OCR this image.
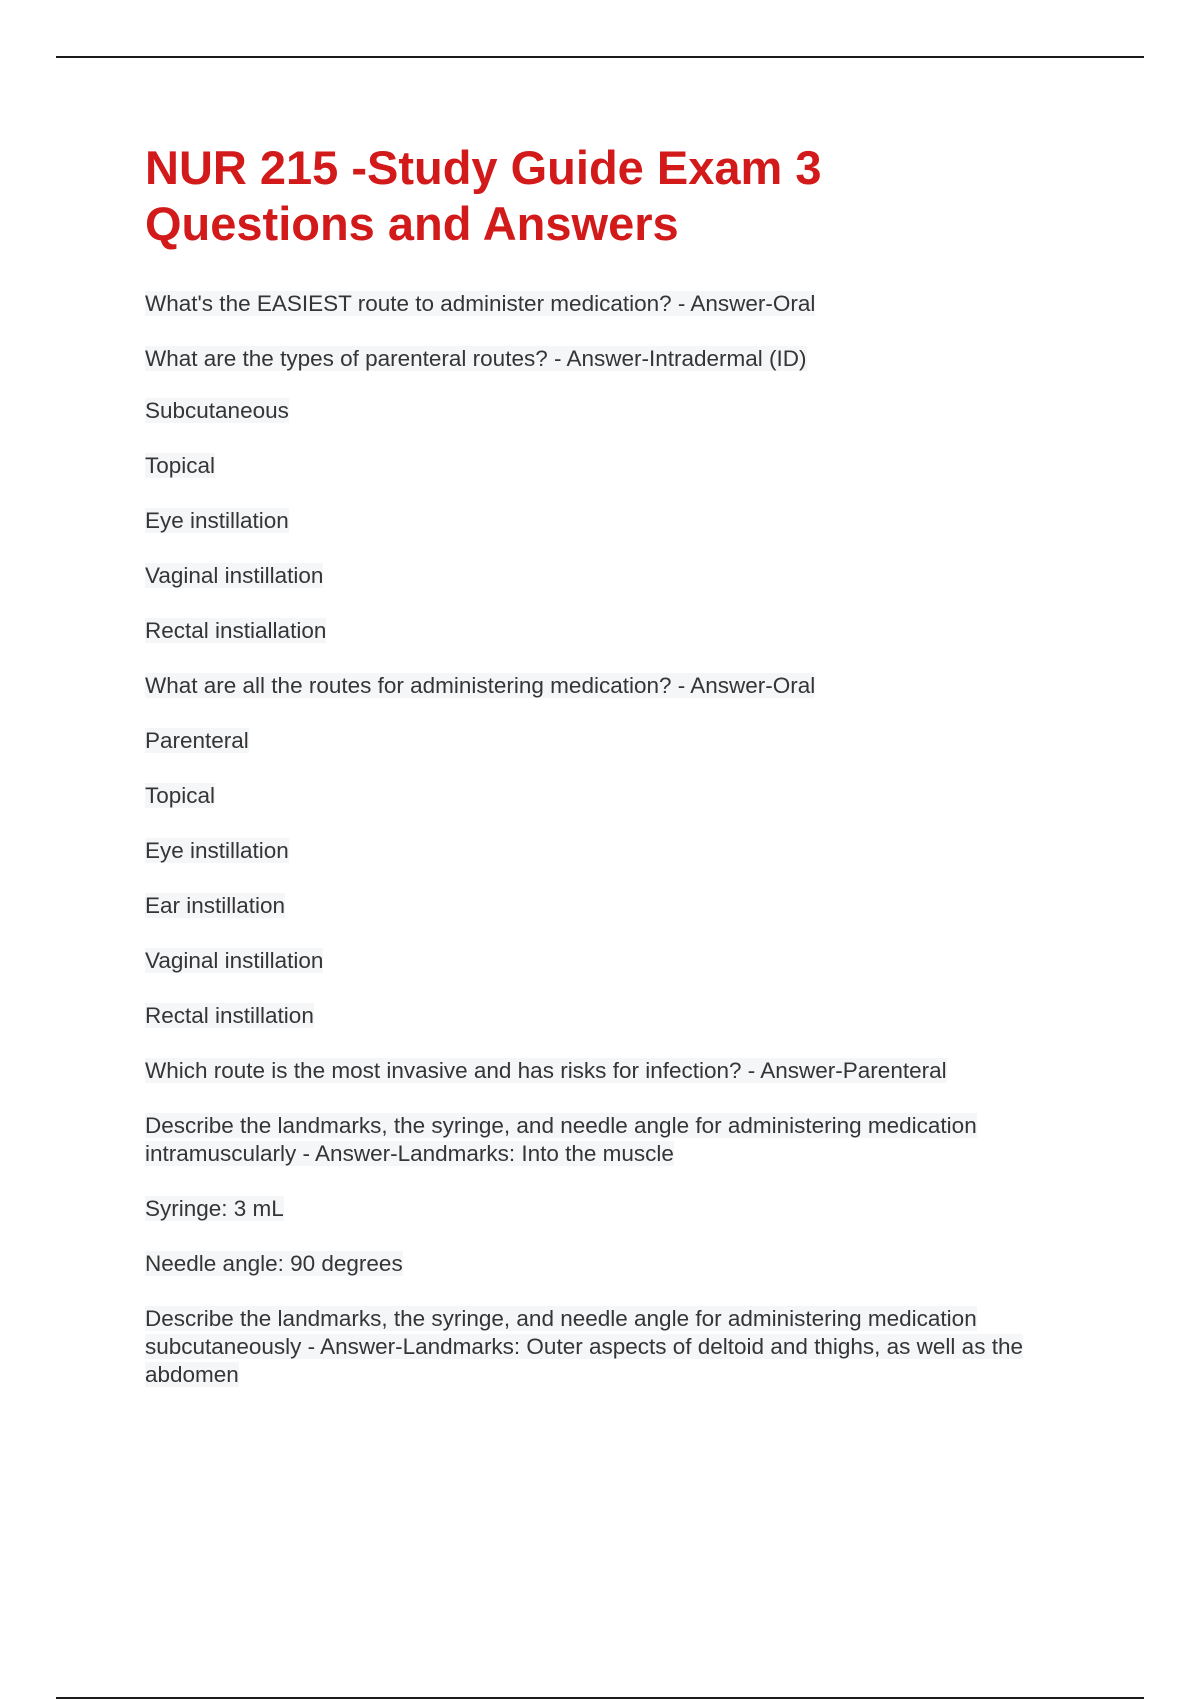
NUR 215 -Study Guide Exam 3
Questions and Answers

What's the EASIEST route to administer medication? - Answer-Oral

What are the types of parenteral routes? - Answer-Intradermal (ID)

Subcutaneous

Topical

Eye instillation

Vaginal instillation

Rectal instiallation

What are all the routes for administering medication? - Answer-Oral

Parenteral

Topical

Eye instillation

Ear instillation

Vaginal instillation

Rectal instillation

Which route is the most invasive and has risks for infection? - Answer-Parenteral

Describe the landmarks, the syringe, and needle angle for administering medication intramuscularly - Answer-Landmarks: Into the muscle

Syringe: 3 mL

Needle angle: 90 degrees

Describe the landmarks, the syringe, and needle angle for administering medication subcutaneously - Answer-Landmarks: Outer aspects of deltoid and thighs, as well as the abdomen
